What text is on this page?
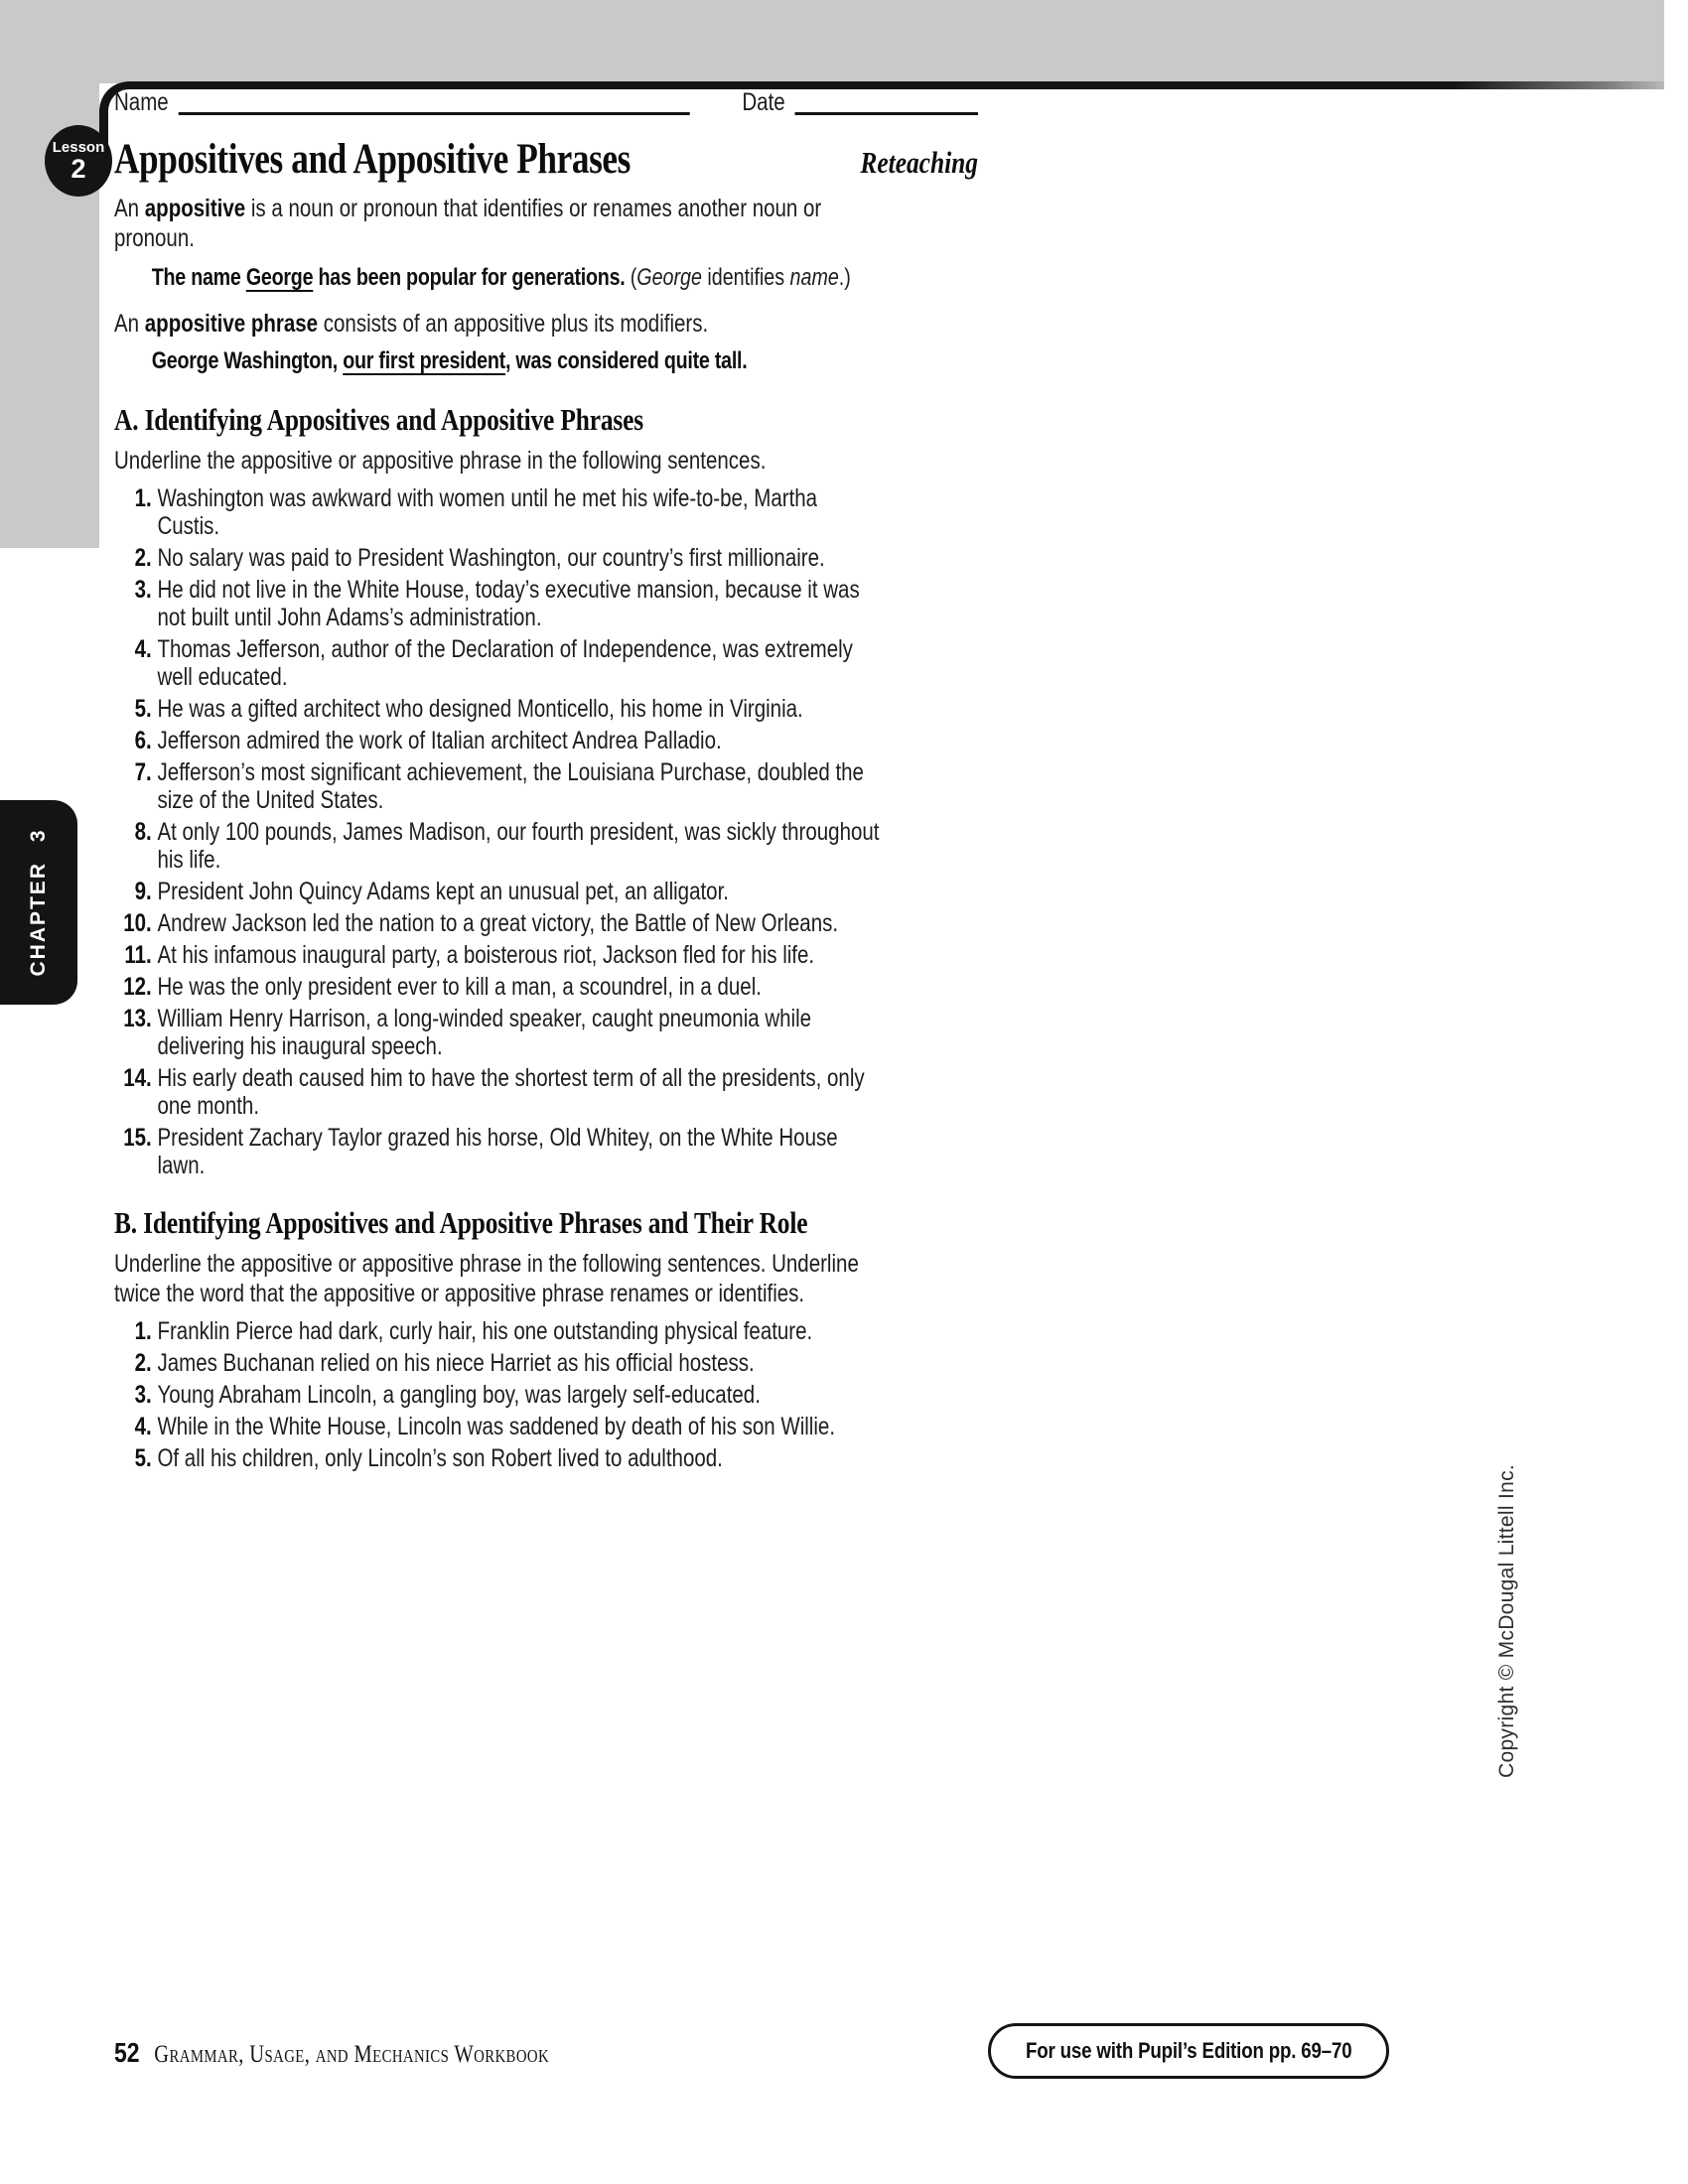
Lesson
2
CHAPTER 3
Copyright © McDougal Littell Inc.
Name	Date
Appositives and Appositive Phrases	Reteaching

An appositive is a noun or pronoun that identifies or renames another noun or pronoun.

The name George has been popular for generations. (George identifies name.)

An appositive phrase consists of an appositive plus its modifiers.

George Washington, our first president, was considered quite tall.

A. Identifying Appositives and Appositive Phrases

Underline the appositive or appositive phrase in the following sentences.

1. Washington was awkward with women until he met his wife-to-be, Martha Custis.
2. No salary was paid to President Washington, our country’s first millionaire.
3. He did not live in the White House, today’s executive mansion, because it was not built until John Adams’s administration.
4. Thomas Jefferson, author of the Declaration of Independence, was extremely well educated.
5. He was a gifted architect who designed Monticello, his home in Virginia.
6. Jefferson admired the work of Italian architect Andrea Palladio.
7. Jefferson’s most significant achievement, the Louisiana Purchase, doubled the size of the United States.
8. At only 100 pounds, James Madison, our fourth president, was sickly throughout his life.
9. President John Quincy Adams kept an unusual pet, an alligator.
10. Andrew Jackson led the nation to a great victory, the Battle of New Orleans.
11. At his infamous inaugural party, a boisterous riot, Jackson fled for his life.
12. He was the only president ever to kill a man, a scoundrel, in a duel.
13. William Henry Harrison, a long-winded speaker, caught pneumonia while delivering his inaugural speech.
14. His early death caused him to have the shortest term of all the presidents, only one month.
15. President Zachary Taylor grazed his horse, Old Whitey, on the White House lawn.
B. Identifying Appositives and Appositive Phrases and Their Role

Underline the appositive or appositive phrase in the following sentences. Underline
twice the word that the appositive or appositive phrase renames or identifies.

1. Franklin Pierce had dark, curly hair, his one outstanding physical feature.
2. James Buchanan relied on his niece Harriet as his official hostess.
3. Young Abraham Lincoln, a gangling boy, was largely self-educated.
4. While in the White House, Lincoln was saddened by death of his son Willie.
5. Of all his children, only Lincoln’s son Robert lived to adulthood.
52 Grammar, Usage, and Mechanics Workbook	For use with Pupil’s Edition pp. 69–70
